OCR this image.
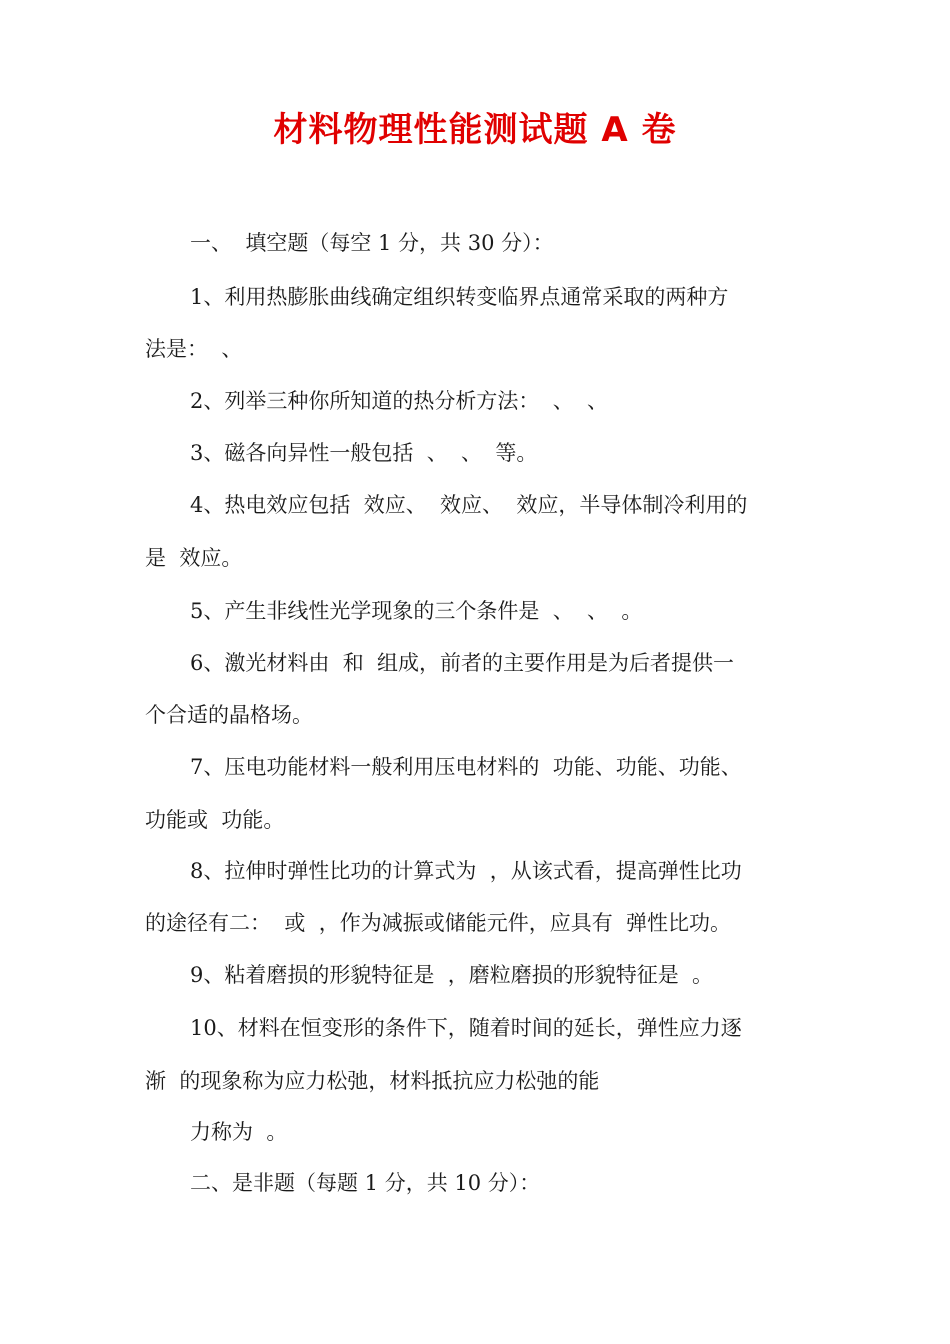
材料物理性能测试题 A 卷
一、  填空题（每空 1 分，共 30 分）：
1、利用热膨胀曲线确定组织转变临界点通常采取的两种方
法是：  、
2、列举三种你所知道的热分析方法：  、  、
3、磁各向异性一般包括  、  、  等。
4、热电效应包括  效应、  效应、  效应，半导体制冷利用的
是  效应。
5、产生非线性光学现象的三个条件是  、  、  。
6、激光材料由  和  组成，前者的主要作用是为后者提供一
个合适的晶格场。
7、压电功能材料一般利用压电材料的  功能、功能、功能、
功能或  功能。
8、拉伸时弹性比功的计算式为  ，从该式看，提高弹性比功
的途径有二：  或  ，作为减振或储能元件，应具有  弹性比功。
9、粘着磨损的形貌特征是  ，磨粒磨损的形貌特征是  。
10、材料在恒变形的条件下，随着时间的延长，弹性应力逐
渐  的现象称为应力松弛，材料抵抗应力松弛的能
力称为  。
二、是非题（每题 1 分，共 10 分）：
